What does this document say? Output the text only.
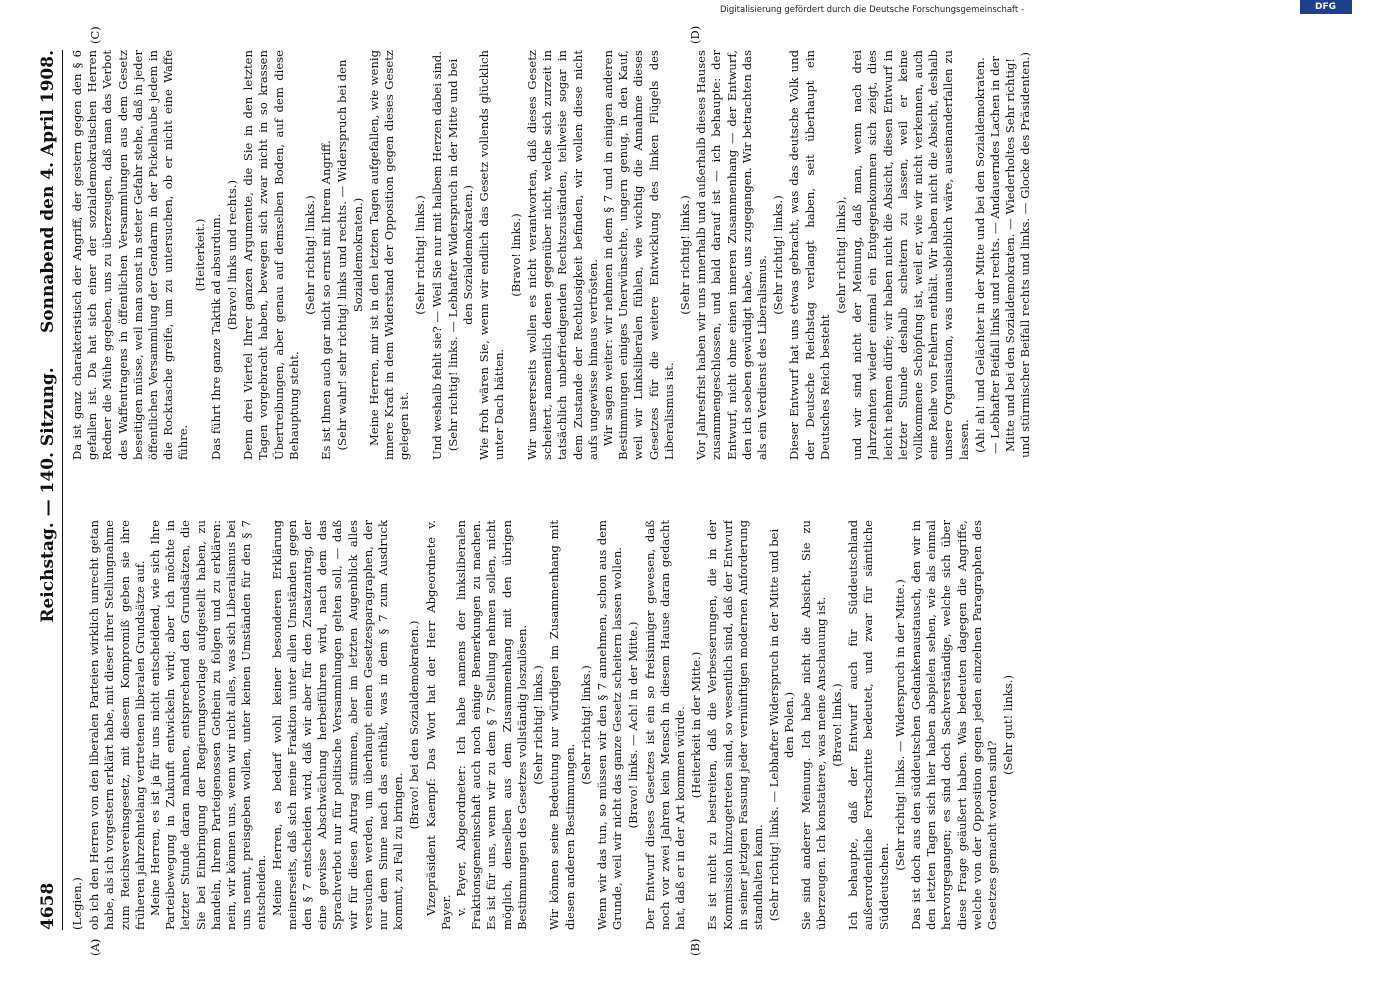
4658
Reichstag. — 140. Sitzung.
Sonnabend den 4. April 1908.
(A)	(B)
(C)	(D)

(Legien.) ob ich den Herren von den liberalen Parteien wirklich unrecht getan habe, als ich vorgestern erklärt habe, mit dieser ihrer Stellungnahme zum Reichsvereinsgesetz, mit diesem Kompromiß geben sie ihre früheren jahrzehntelang vertretenen liberalen Grundsätze auf. Meine Herren, es ist ja für uns nicht entscheidend, wie sich Ihre Parteibewegung in Zukunft entwickeln wird; aber ich möchte in letzter Stunde daran mahnen, entsprechend den Grundsätzen, die Sie bei Einbringung der Regierungsvorlage aufgestellt haben, zu handeln, Ihrem Parteigenossen Gothein zu folgen und zu erklären: nein, wir können uns, wenn wir nicht alles, was sich Liberalismus bei uns nennt, preisgeben wollen, unter keinen Umständen für den § 7 entscheiden. Meine Herren, es bedarf wohl keiner besonderen Erklärung meinerseits, daß sich meine Fraktion unter allen Umständen gegen den § 7 entscheiden wird, daß wir aber für den Zusatzantrag, der eine gewisse Abschwächung herbeiführen wird, nach dem das Sprachverbot nur für politische Versammlungen gelten soll, — daß wir für diesen Antrag stimmen, aber im letzten Augenblick alles versuchen werden, um überhaupt einen Gesetzesparagraphen, der nur dem Sinne nach das enthält, was in dem § 7 zum Ausdruck kommt, zu Fall zu bringen.

(Bravo! bei den Sozialdemokraten.) Vizepräsident Kaempf: Das Wort hat der Herr Abgeordnete v. Payer. v. Payer, Abgeordneter: Ich habe namens der linksliberalen Fraktionsgemeinschaft auch noch einige Bemerkungen zu machen. Es ist für uns, wenn wir zu dem § 7 Stellung nehmen sollen, nicht möglich, denselben aus dem Zusammenhang mit den übrigen Bestimmungen des Gesetzes vollständig loszulösen. (Sehr richtig! links.) Wir können seine Bedeutung nur würdigen im Zusammenhang mit diesen anderen Bestimmungen.

(Sehr richtig! links.) Wenn wir das tun, so müssen wir den § 7 annehmen, schon aus dem Grunde, weil wir nicht das ganze Gesetz scheitern lassen wollen. (Bravo! links. — Ach! in der Mitte.) Der Entwurf dieses Gesetzes ist ein so freisinniger gewesen, daß noch vor zwei Jahren kein Mensch in diesem Hause daran gedacht hat, daß er in der Art kommen würde. (Heiterkeit in der Mitte.) Es ist nicht zu bestreiten, daß die Verbesserungen, die in der Kommission hinzugetreten sind, so wesentlich sind, daß der Entwurf in seiner jetzigen Fassung jeder vernünftigen modernen Anforderung standhalten kann. (Sehr richtig! links. — Lebhafter Widerspruch in der Mitte und bei den Polen.) Sie sind anderer Meinung. Ich habe nicht die Absicht, Sie zu überzeugen. Ich konstatiere, was meine Anschauung ist. (Bravo! links.) Ich behaupte, daß der Entwurf auch für Süddeutschland außerordentliche Fortschritte bedeutet, und zwar für sämtliche Süddeutschen.

(Sehr richtig! links. — Widerspruch in der Mitte.) Das ist doch aus den süddeutschen Gedankenaustausch, den wir in den letzten Tagen sich hier haben abspielen sehen, wie als einmal hervorgegangen; es sind doch Sachverständige, welche sich über diese Frage geäußert haben. Was bedeuten dagegen die Angriffe, welche von der Opposition gegen jeden einzelnen Paragraphen des Gesetzes gemacht worden sind?

(Sehr gut! links.)

Da ist ganz charakteristisch der Angriff, der gestern gegen den § 6 gefallen ist. Da hat sich einer der sozialdemokratischen Herren Redner die Mühe gegeben, uns zu überzeugen, daß man das Verbot des Waffentragens in öffentlichen Versammlungen aus dem Gesetz beseitigen müsse, weil man sonst in steter Gefahr stehe, daß in jeder öffentlichen Versammlung der Gendarm in der Pickelhaube jedem in die Rocktasche greife, um zu untersuchen, ob er nicht eine Waffe führe.

(Heiterkeit.) Das führt Ihre ganze Taktik ad absurdum. (Bravo! links und rechts.) Denn drei Viertel Ihrer ganzen Argumente, die Sie in den letzten Tagen vorgebracht haben, bewegen sich zwar nicht in so krassen Übertreibungen, aber genau auf demselben Boden, auf dem diese Behauptung steht.

(Sehr richtig! links.) Es ist Ihnen auch gar nicht so ernst mit Ihrem Angriff. (Sehr wahr! sehr richtig! links und rechts. — Widerspruch bei den Sozialdemokraten.) Meine Herren, mir ist in den letzten Tagen aufgefallen, wie wenig innere Kraft in dem Widerstand der Opposition gegen dieses Gesetz gelegen ist.

(Sehr richtig! links.) Und weshalb fehlt sie? — Weil Sie nur mit halbem Herzen dabei sind. (Sehr richtig! links. — Lebhafter Widerspruch in der Mitte und bei den Sozialdemokraten.) Wie froh wären Sie, wenn wir endlich das Gesetz vollends glücklich unter Dach hätten.

(Bravo! links.) Wir unsererseits wollen es nicht verantworten, daß dieses Gesetz scheitert, namentlich denen gegenüber nicht, welche sich zurzeit in tatsächlich unbefriedigenden Rechtszuständen, teilweise sogar in dem Zustande der Rechtlosigkeit befinden, wir wollen diese nicht aufs ungewisse hinaus vertrösten. Wir sagen weiter: wir nehmen in dem § 7 und in einigen anderen Bestimmungen einiges Unerwünschte, ungern genug, in den Kauf, weil wir Linksliberalen fühlen, wie wichtig die Annahme dieses Gesetzes für die weitere Entwicklung des linken Flügels des Liberalismus ist.

(Sehr richtig! links.) Vor Jahresfrist haben wir uns innerhalb und außerhalb dieses Hauses zusammengeschlossen, und bald darauf ist — ich behaupte: der Entwurf, nicht ohne einen inneren Zusammenhang — der Entwurf, den ich soeben gewürdigt habe, uns zugegangen. Wir betrachten das als ein Verdienst des Liberalismus.

(Sehr richtig! links.) Dieser Entwurf hat uns etwas gebracht, was das deutsche Volk und der Deutsche Reichstag verlangt haben, seit überhaupt ein Deutsches Reich besteht

(sehr richtig! links), und wir sind nicht der Meinung, daß man, wenn nach drei Jahrzehnten wieder einmal ein Entgegenkommen sich zeigt, dies leicht nehmen dürfe; wir haben nicht die Absicht, diesen Entwurf in letzter Stunde deshalb scheitern zu lassen, weil er keine vollkommene Schöpfung ist, weil er, wie wir nicht verkennen, auch eine Reihe von Fehlern enthält. Wir haben nicht die Absicht, deshalb unsere Organisation, was unausbleiblich wäre, auseinanderfallen zu lassen. (Ah! ah! und Gelächter in der Mitte und bei den Sozialdemokraten. — Lebhafter Beifall links und rechts. — Andauerndes Lachen in der Mitte und bei den Sozialdemokraten. — Wiederholtes Sehr richtig! und stürmischer Beifall rechts und links. — Glocke des Präsidenten.)

Digitalisierung gefördert durch die Deutsche Forschungsgemeinschaft -	DFG
